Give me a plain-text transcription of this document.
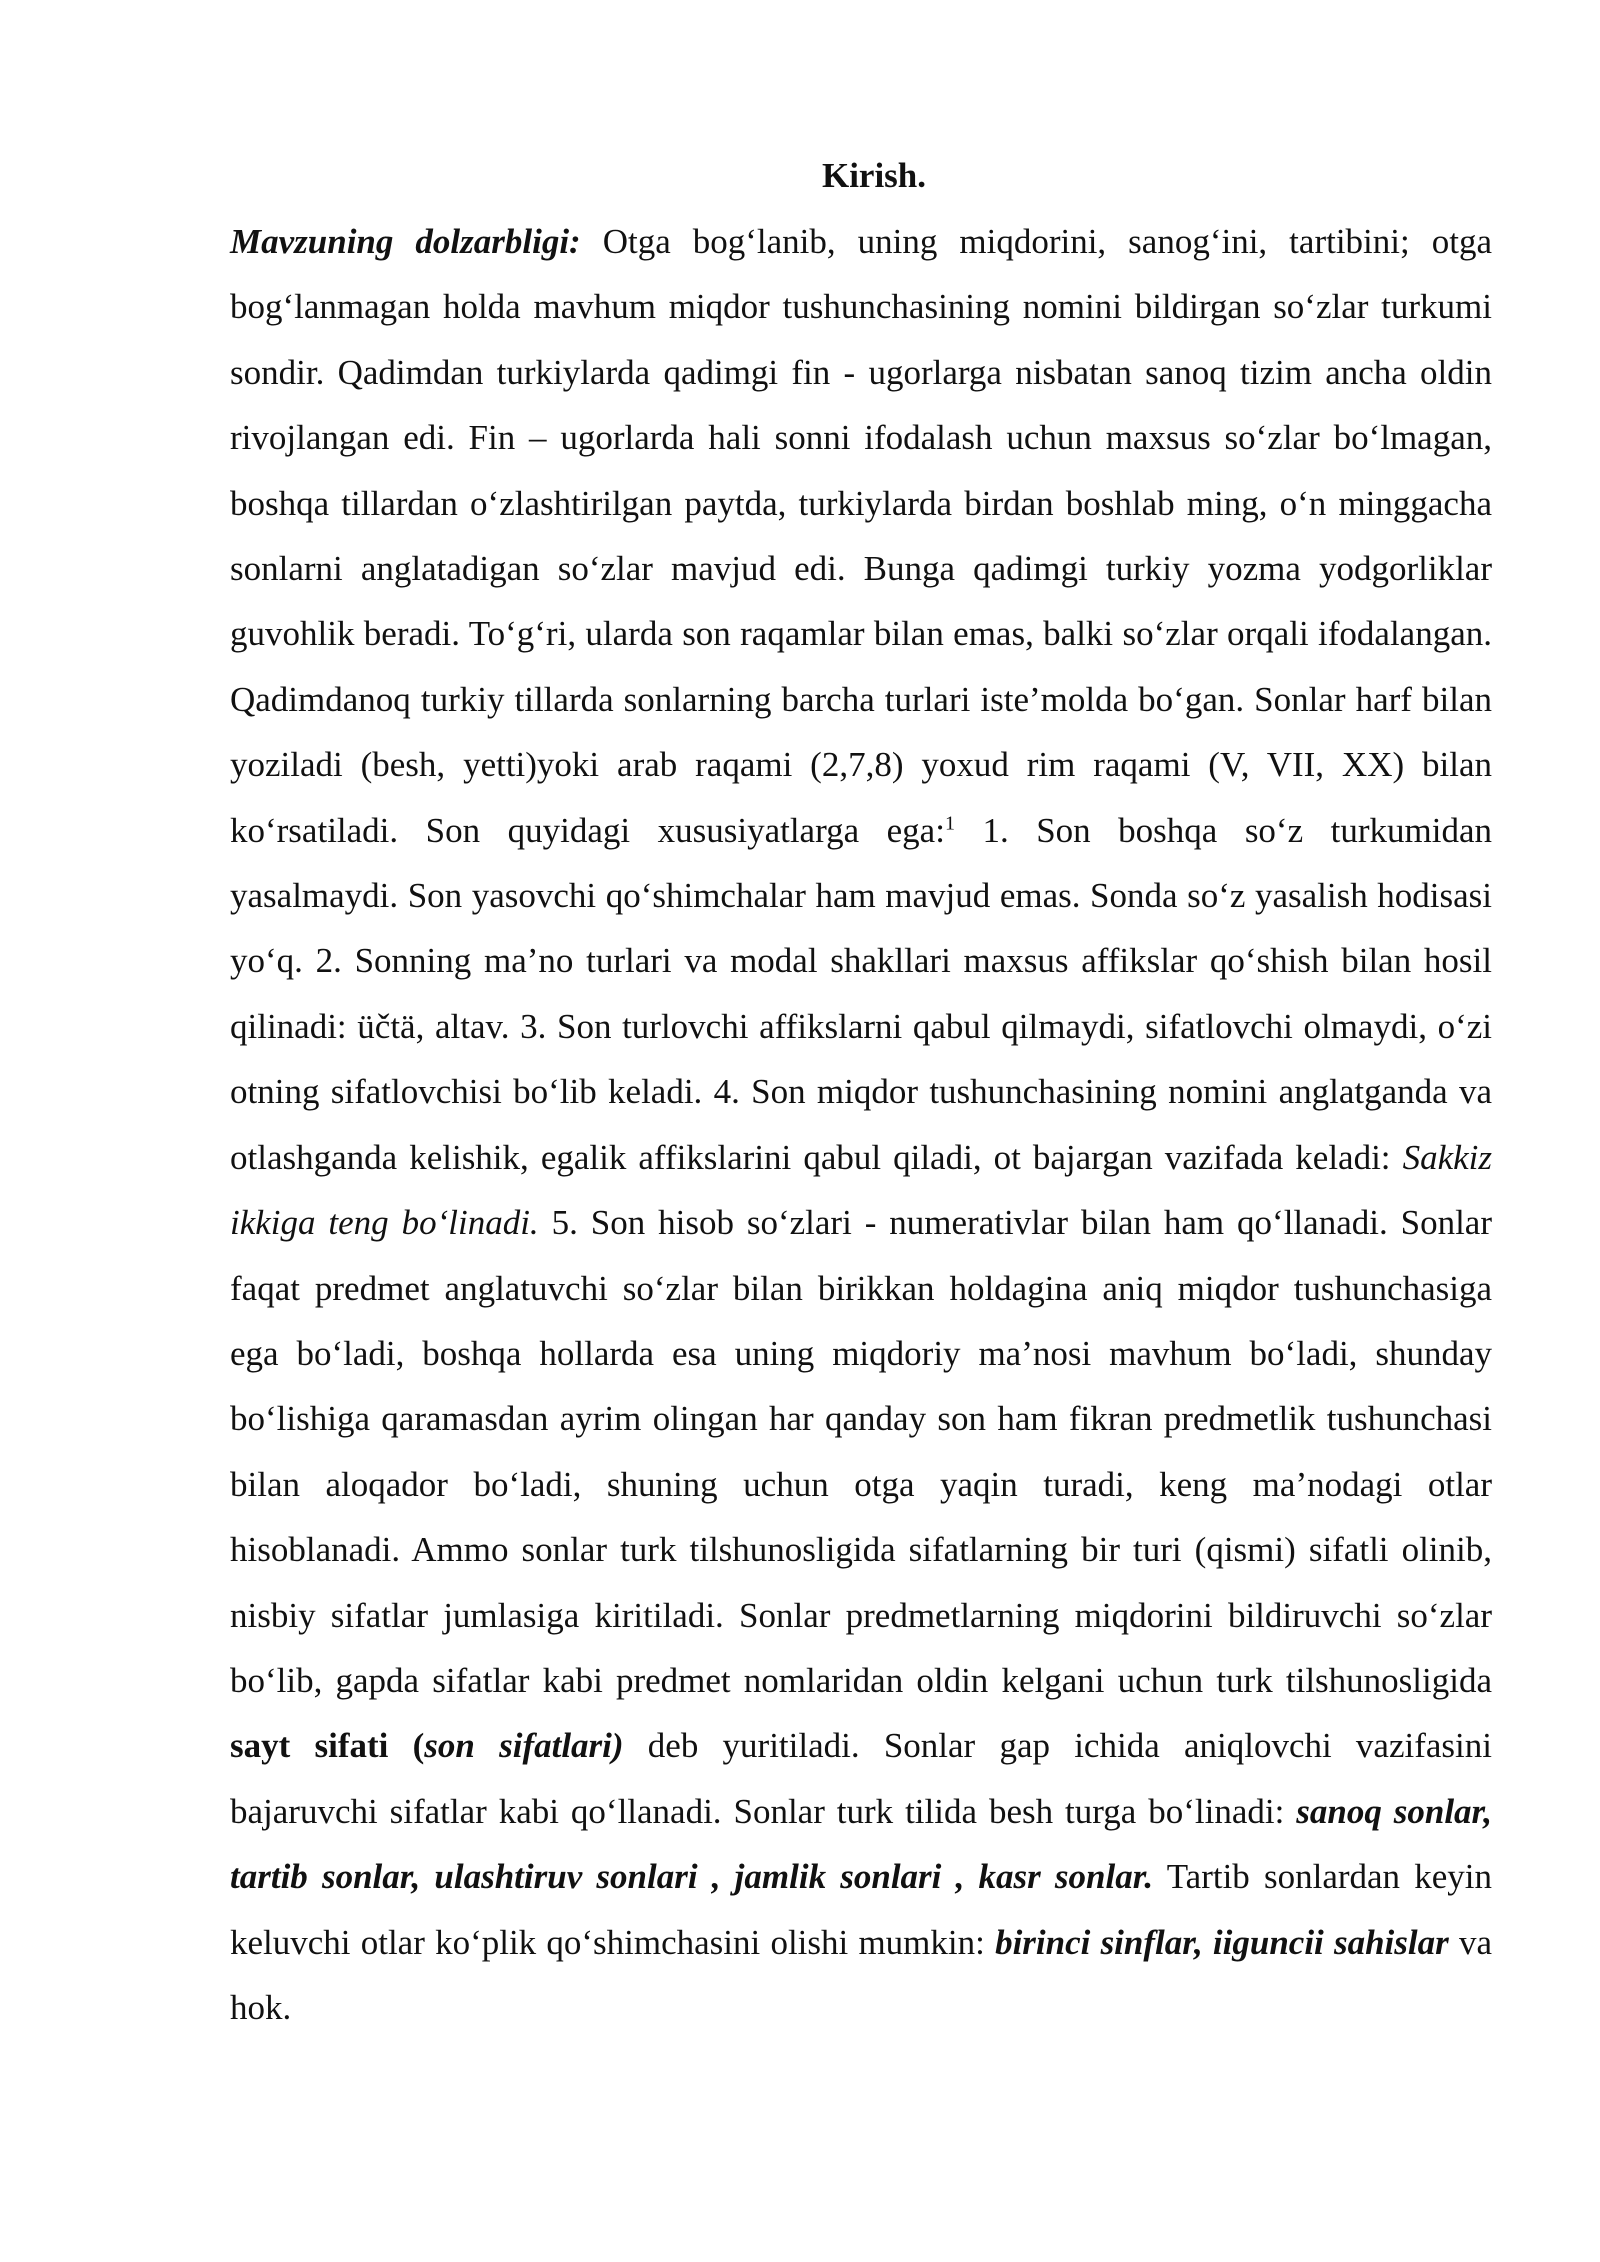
Kirish.

Mavzuning dolzarbligi: Otga bog‘lanib, uning miqdorini, sanog‘ini, tartibini; otga bog‘lanmagan holda mavhum miqdor tushunchasining nomini bildirgan so‘zlar turkumi sondir. Qadimdan turkiylarda qadimgi fin - ugorlarga nisbatan sanoq tizim ancha oldin rivojlangan edi. Fin – ugorlarda hali sonni ifodalash uchun maxsus so‘zlar bo‘lmagan, boshqa tillardan o‘zlashtirilgan paytda, turkiylarda birdan boshlab ming, o‘n minggacha sonlarni anglatadigan so‘zlar mavjud edi. Bunga qadimgi turkiy yozma yodgorliklar guvohlik beradi. To‘g‘ri, ularda son raqamlar bilan emas, balki so‘zlar orqali ifodalangan. Qadimdanoq turkiy tillarda sonlarning barcha turlari iste’molda bo‘gan. Sonlar harf bilan yoziladi (besh, yetti)yoki arab raqami (2,7,8) yoxud rim raqami (V, VII, XX) bilan ko‘rsatiladi. Son quyidagi xususiyatlarga ega:$^1$ 1. Son boshqa so‘z turkumidan yasalmaydi. Son yasovchi qo‘shimchalar ham mavjud emas. Sonda so‘z yasalish hodisasi yo‘q. 2. Sonning ma’no turlari va modal shakllari maxsus affikslar qo‘shish bilan hosil qilinadi: üčtä, altav. 3. Son turlovchi affikslarni qabul qilmaydi, sifatlovchi olmaydi, o‘zi otning sifatlovchisi bo‘lib keladi. 4. Son miqdor tushunchasining nomini anglatganda va otlashganda kelishik, egalik affikslarini qabul qiladi, ot bajargan vazifada keladi: Sakkiz ikkiga teng bo‘linadi. 5. Son hisob so‘zlari - numerativlar bilan ham qo‘llanadi. Sonlar faqat predmet anglatuvchi so‘zlar bilan birikkan holdagina aniq miqdor tushunchasiga ega bo‘ladi, boshqa hollarda esa uning miqdoriy ma’nosi mavhum bo‘ladi, shunday bo‘lishiga qaramasdan ayrim olingan har qanday son ham fikran predmetlik tushunchasi bilan aloqador bo‘ladi, shuning uchun otga yaqin turadi, keng ma’nodagi otlar hisoblanadi. Ammo sonlar turk tilshunosligida sifatlarning bir turi (qismi) sifatli olinib, nisbiy sifatlar jumlasiga kiritiladi. Sonlar predmetlarning miqdorini bildiruvchi so‘zlar bo‘lib, gapda sifatlar kabi predmet nomlaridan oldin kelgani uchun turk tilshunosligida sayt sifati (son sifatlari) deb yuritiladi. Sonlar gap ichida aniqlovchi vazifasini bajaruvchi sifatlar kabi qo‘llanadi. Sonlar turk tilida besh turga bo‘linadi: sanoq sonlar, tartib sonlar, ulashtiruv sonlari , jamlik sonlari , kasr sonlar. Tartib sonlardan keyin keluvchi otlar ko‘plik qo‘shimchasini olishi mumkin: birinci sinflar, iiguncii sahislar va hok.
